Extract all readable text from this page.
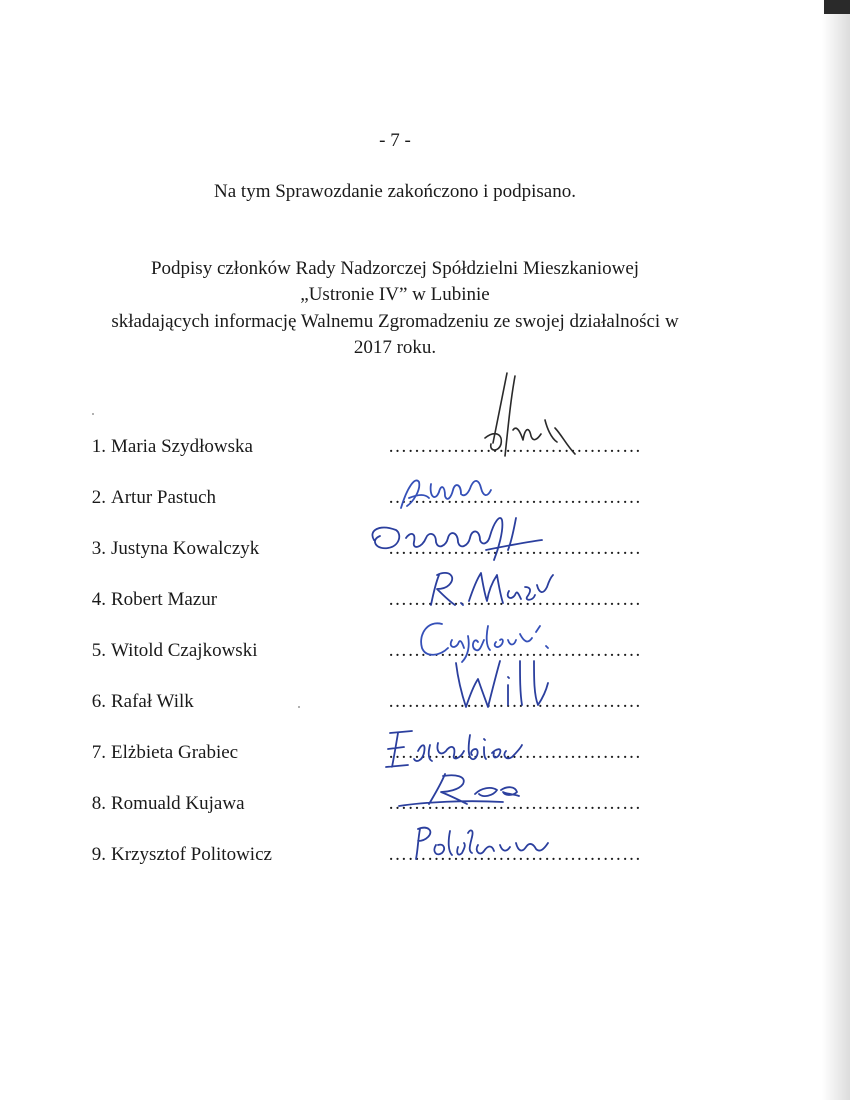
- 7 -
Na tym Sprawozdanie zakończono i podpisano.
Podpisy członków Rady Nadzorczej Spółdzielni Mieszkaniowej
„Ustronie IV” w Lubinie
składających informację Walnemu Zgromadzeniu ze swojej działalności w
2017 roku.
1. Maria Szydłowska	…………………………………
2. Artur Pastuch	…………………………………
3. Justyna Kowalczyk	…………………………………
4. Robert Mazur	…………………………………
5. Witold Czajkowski	…………………………………
6. Rafał Wilk	…………………………………
7. Elżbieta Grabiec	…………………………………
8. Romuald Kujawa	…………………………………
9. Krzysztof Politowicz	…………………………………
